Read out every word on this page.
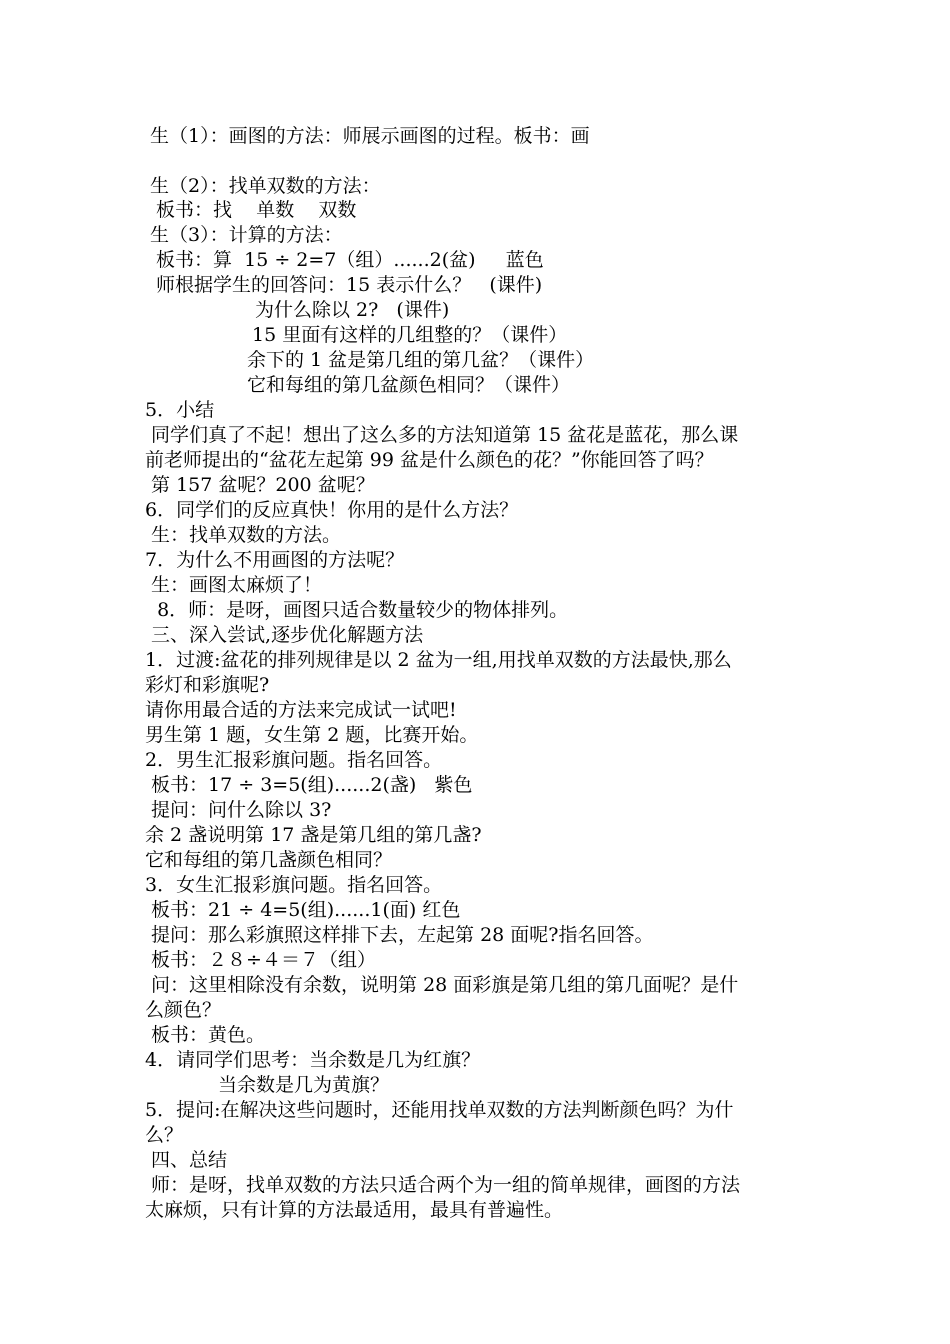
生（1）：画图的方法：师展示画图的过程。板书：画
生（2）：找单双数的方法：
板书：找    单数    双数
生（3）：计算的方法：
板书：算  15 ÷ 2=7（组）......2(盆)     蓝色
师根据学生的回答问：15 表示什么？   (课件)
为什么除以 2?   (课件)
15 里面有这样的几组整的？（课件）
余下的 1 盆是第几组的第几盆？（课件）
它和每组的第几盆颜色相同？（课件）
5．小结
同学们真了不起！想出了这么多的方法知道第 15 盆花是蓝花，那么课
前老师提出的“盆花左起第 99 盆是什么颜色的花？”你能回答了吗？
第 157 盆呢？200 盆呢？
6．同学们的反应真快！你用的是什么方法？
生：找单双数的方法。
7．为什么不用画图的方法呢？
生：画图太麻烦了！
8．师：是呀，画图只适合数量较少的物体排列。
三、深入尝试,逐步优化解题方法
1．过渡:盆花的排列规律是以 2 盆为一组,用找单双数的方法最快,那么
彩灯和彩旗呢?
请你用最合适的方法来完成试一试吧!
男生第 1 题，女生第 2 题，比赛开始。
2．男生汇报彩旗问题。指名回答。
板书：17 ÷ 3=5(组)......2(盏)   紫色
提问：问什么除以 3?
余 2 盏说明第 17 盏是第几组的第几盏?
它和每组的第几盏颜色相同？
3．女生汇报彩旗问题。指名回答。
板书：21 ÷ 4=5(组)......1(面) 红色
提问：那么彩旗照这样排下去，左起第 28 面呢?指名回答。
板书：２８÷４＝７（组）
问：这里相除没有余数，说明第 28 面彩旗是第几组的第几面呢？是什
么颜色？
板书：黄色。
4．请同学们思考：当余数是几为红旗？
当余数是几为黄旗？
5．提问:在解决这些问题时，还能用找单双数的方法判断颜色吗？为什
么？
四、总结
师：是呀，找单双数的方法只适合两个为一组的简单规律，画图的方法
太麻烦，只有计算的方法最适用，最具有普遍性。
